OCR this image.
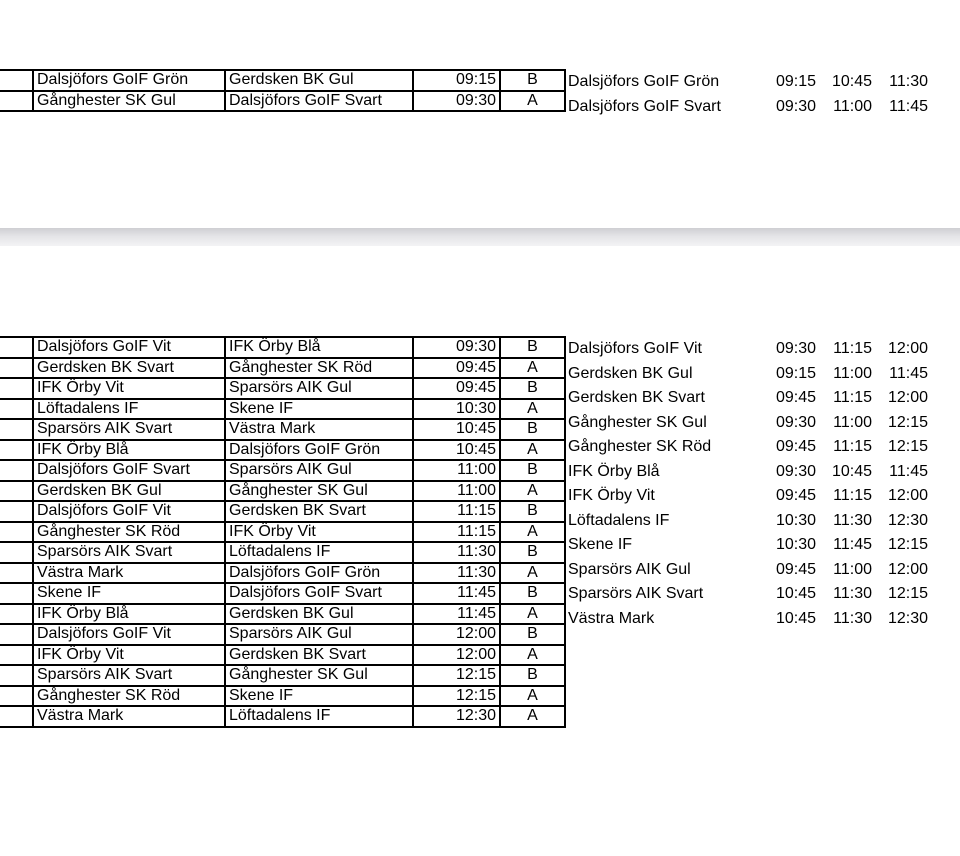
	Dalsjöfors GoIF Grön	Gerdsken BK Gul	09:15	B
	Gånghester SK Gul	Dalsjöfors GoIF Svart	09:30	A
Dalsjöfors GoIF Grön	09:15	10:45	11:30
Dalsjöfors GoIF Svart	09:30	11:00	11:45
	Dalsjöfors GoIF Vit	IFK Örby Blå	09:30	B
	Gerdsken BK Svart	Gånghester SK Röd	09:45	A
	IFK Örby Vit	Sparsörs AIK Gul	09:45	B
	Löftadalens IF	Skene IF	10:30	A
	Sparsörs AIK Svart	Västra Mark	10:45	B
	IFK Örby Blå	Dalsjöfors GoIF Grön	10:45	A
	Dalsjöfors GoIF Svart	Sparsörs AIK Gul	11:00	B
	Gerdsken BK Gul	Gånghester SK Gul	11:00	A
	Dalsjöfors GoIF Vit	Gerdsken BK Svart	11:15	B
	Gånghester SK Röd	IFK Örby Vit	11:15	A
	Sparsörs AIK Svart	Löftadalens IF	11:30	B
	Västra Mark	Dalsjöfors GoIF Grön	11:30	A
	Skene IF	Dalsjöfors GoIF Svart	11:45	B
	IFK Örby Blå	Gerdsken BK Gul	11:45	A
	Dalsjöfors GoIF Vit	Sparsörs AIK Gul	12:00	B
	IFK Örby Vit	Gerdsken BK Svart	12:00	A
	Sparsörs AIK Svart	Gånghester SK Gul	12:15	B
	Gånghester SK Röd	Skene IF	12:15	A
	Västra Mark	Löftadalens IF	12:30	A
Dalsjöfors GoIF Vit	09:30	11:15	12:00
Gerdsken BK Gul	09:15	11:00	11:45
Gerdsken BK Svart	09:45	11:15	12:00
Gånghester SK Gul	09:30	11:00	12:15
Gånghester SK Röd	09:45	11:15	12:15
IFK Örby Blå	09:30	10:45	11:45
IFK Örby Vit	09:45	11:15	12:00
Löftadalens IF	10:30	11:30	12:30
Skene IF	10:30	11:45	12:15
Sparsörs AIK Gul	09:45	11:00	12:00
Sparsörs AIK Svart	10:45	11:30	12:15
Västra Mark	10:45	11:30	12:30
